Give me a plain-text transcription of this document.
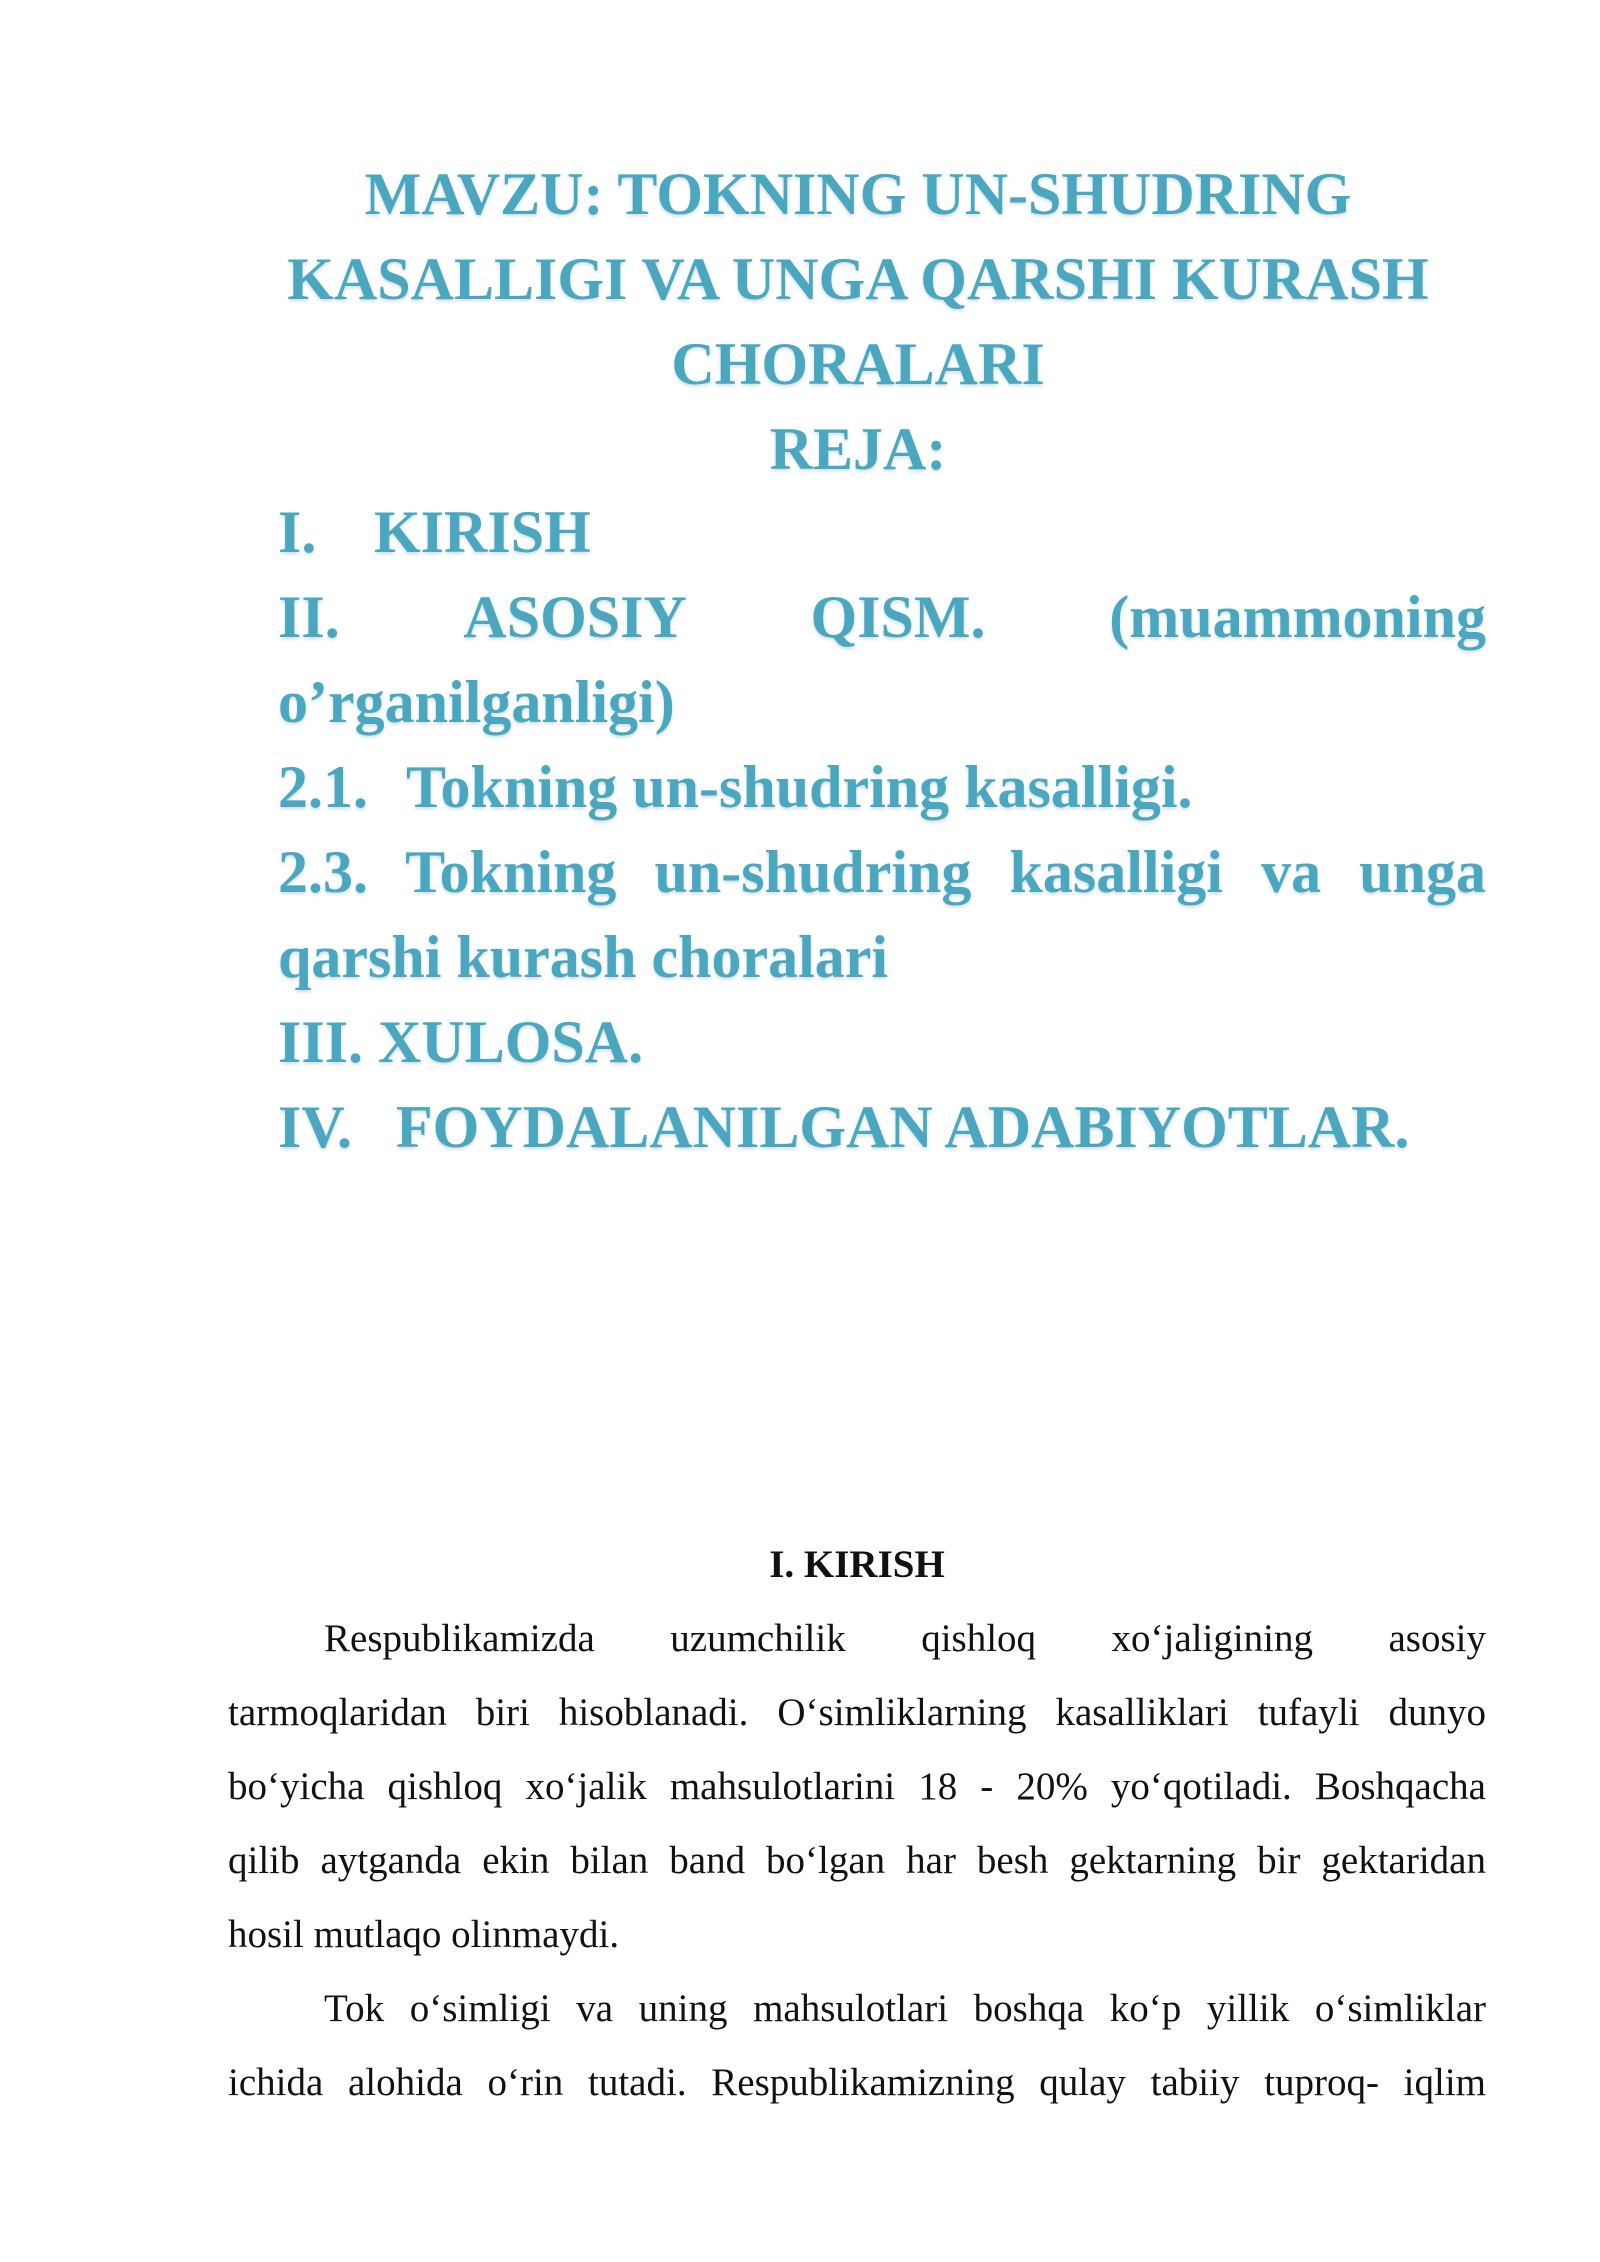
MAVZU: TOKNING UN-SHUDRING
KASALLIGI VA UNGA QARSHI KURASH
CHORALARI
REJA:
I. KIRISH
II. ASOSIY QISM. (muammoning
o’rganilganligi)
2.1. Tokning un-shudring kasalligi.
2.3. Tokning un-shudring kasalligi va unga
qarshi kurash choralari
III. XULOSA.
IV. FOYDALANILGAN ADABIYOTLAR.
I. KIRISH
Respublikamizda uzumchilik qishloq xo‘jaligining asosiy
tarmoqlaridan biri hisoblanadi. O‘simliklarning kasalliklari tufayli dunyo
bo‘yicha qishloq xo‘jalik mahsulotlarini 18 - 20% yo‘qotiladi. Boshqacha
qilib aytganda ekin bilan band bo‘lgan har besh gektarning bir gektaridan
hosil mutlaqo olinmaydi.
Tok o‘simligi va uning mahsulotlari boshqa ko‘p yillik o‘simliklar
ichida alohida o‘rin tutadi. Respublikamizning qulay tabiiy tuproq- iqlim
